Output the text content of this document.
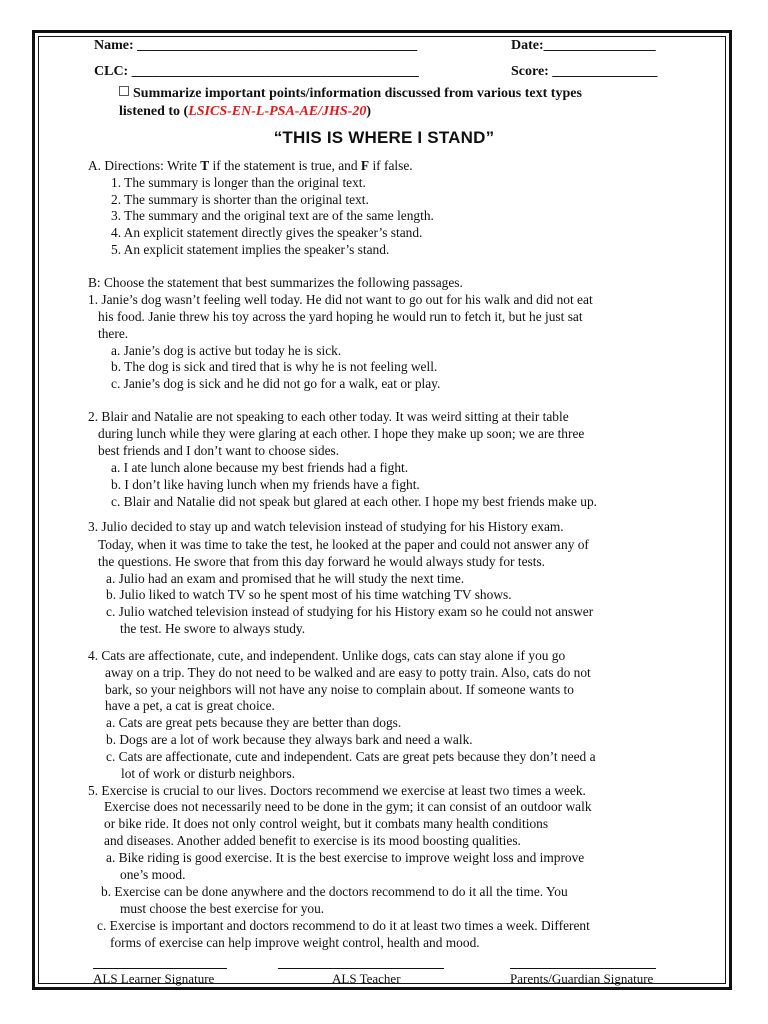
Name: ________________________________________	Date:________________
CLC: _________________________________________	Score: _______________
Summarize important points/information discussed from various text types
listened to (LSICS-EN-L-PSA-AE/JHS-20)
“THIS IS WHERE I STAND”
A. Directions: Write T if the statement is true, and F if false.
1. The summary is longer than the original text.
2. The summary is shorter than the original text.
3. The summary and the original text are of the same length.
4. An explicit statement directly gives the speaker’s stand.
5. An explicit statement implies the speaker’s stand.
B: Choose the statement that best summarizes the following passages.
1. Janie’s dog wasn’t feeling well today. He did not want to go out for his walk and did not eat
his food. Janie threw his toy across the yard hoping he would run to fetch it, but he just sat
there.
a. Janie’s dog is active but today he is sick.
b. The dog is sick and tired that is why he is not feeling well.
c. Janie’s dog is sick and he did not go for a walk, eat or play.
2. Blair and Natalie are not speaking to each other today. It was weird sitting at their table
during lunch while they were glaring at each other. I hope they make up soon; we are three
best friends and I don’t want to choose sides.
a. I ate lunch alone because my best friends had a fight.
b. I don’t like having lunch when my friends have a fight.
c. Blair and Natalie did not speak but glared at each other. I hope my best friends make up.
3. Julio decided to stay up and watch television instead of studying for his History exam.
Today, when it was time to take the test, he looked at the paper and could not answer any of
the questions. He swore that from this day forward he would always study for tests.
a. Julio had an exam and promised that he will study the next time.
b. Julio liked to watch TV so he spent most of his time watching TV shows.
c. Julio watched television instead of studying for his History exam so he could not answer
the test. He swore to always study.
4. Cats are affectionate, cute, and independent. Unlike dogs, cats can stay alone if you go
away on a trip. They do not need to be walked and are easy to potty train. Also, cats do not
bark, so your neighbors will not have any noise to complain about. If someone wants to
have a pet, a cat is great choice.
a. Cats are great pets because they are better than dogs.
b. Dogs are a lot of work because they always bark and need a walk.
c. Cats are affectionate, cute and independent. Cats are great pets because they don’t need a
lot of work or disturb neighbors.
5. Exercise is crucial to our lives. Doctors recommend we exercise at least two times a week.
Exercise does not necessarily need to be done in the gym; it can consist of an outdoor walk
or bike ride. It does not only control weight, but it combats many health conditions
and diseases. Another added benefit to exercise is its mood boosting qualities.
a. Bike riding is good exercise. It is the best exercise to improve weight loss and improve
one’s mood.
b. Exercise can be done anywhere and the doctors recommend to do it all the time. You
must choose the best exercise for you.
c. Exercise is important and doctors recommend to do it at least two times a week. Different
forms of exercise can help improve weight control, health and mood.
ALS Learner Signature	ALS Teacher	Parents/Guardian Signature
